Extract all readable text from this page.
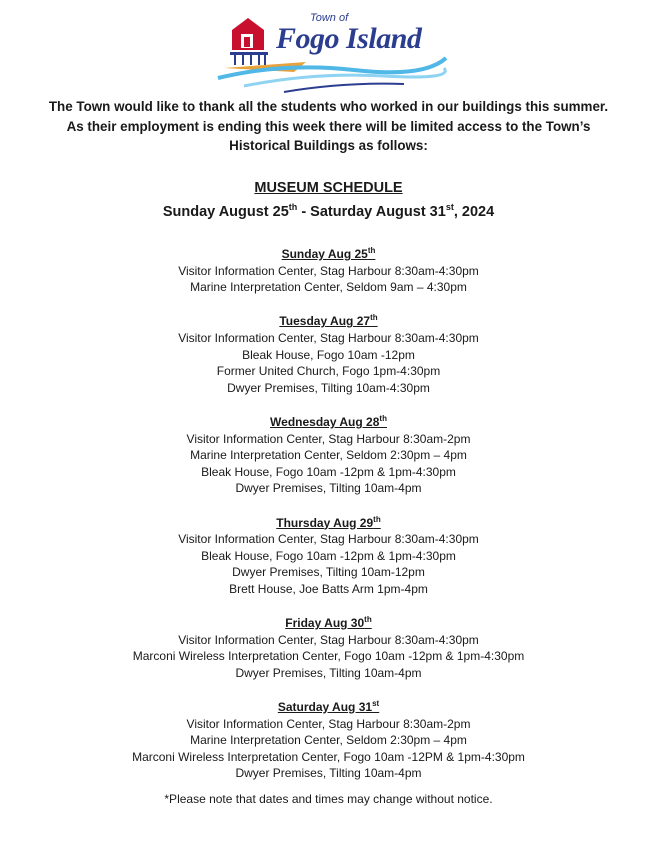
Town of
Fogo Island
The Town would like to thank all the students who worked in our buildings this summer. As their employment is ending this week there will be limited access to the Town’s Historical Buildings as follows:
MUSEUM SCHEDULE
Sunday August 25th - Saturday August 31st, 2024
Sunday Aug 25th
Visitor Information Center, Stag Harbour 8:30am-4:30pm
Marine Interpretation Center, Seldom 9am – 4:30pm
Tuesday Aug 27th
Visitor Information Center, Stag Harbour 8:30am-4:30pm
Bleak House, Fogo 10am -12pm
Former United Church, Fogo 1pm-4:30pm
Dwyer Premises, Tilting 10am-4:30pm
Wednesday Aug 28th
Visitor Information Center, Stag Harbour 8:30am-2pm
Marine Interpretation Center, Seldom 2:30pm – 4pm
Bleak House, Fogo 10am -12pm & 1pm-4:30pm
Dwyer Premises, Tilting 10am-4pm
Thursday Aug 29th
Visitor Information Center, Stag Harbour 8:30am-4:30pm
Bleak House, Fogo 10am -12pm & 1pm-4:30pm
Dwyer Premises, Tilting 10am-12pm
Brett House, Joe Batts Arm 1pm-4pm
Friday Aug 30th
Visitor Information Center, Stag Harbour 8:30am-4:30pm
Marconi Wireless Interpretation Center, Fogo 10am -12pm & 1pm-4:30pm
Dwyer Premises, Tilting 10am-4pm
Saturday Aug 31st
Visitor Information Center, Stag Harbour 8:30am-2pm
Marine Interpretation Center, Seldom 2:30pm – 4pm
Marconi Wireless Interpretation Center, Fogo 10am -12PM & 1pm-4:30pm
Dwyer Premises, Tilting 10am-4pm
*Please note that dates and times may change without notice.
